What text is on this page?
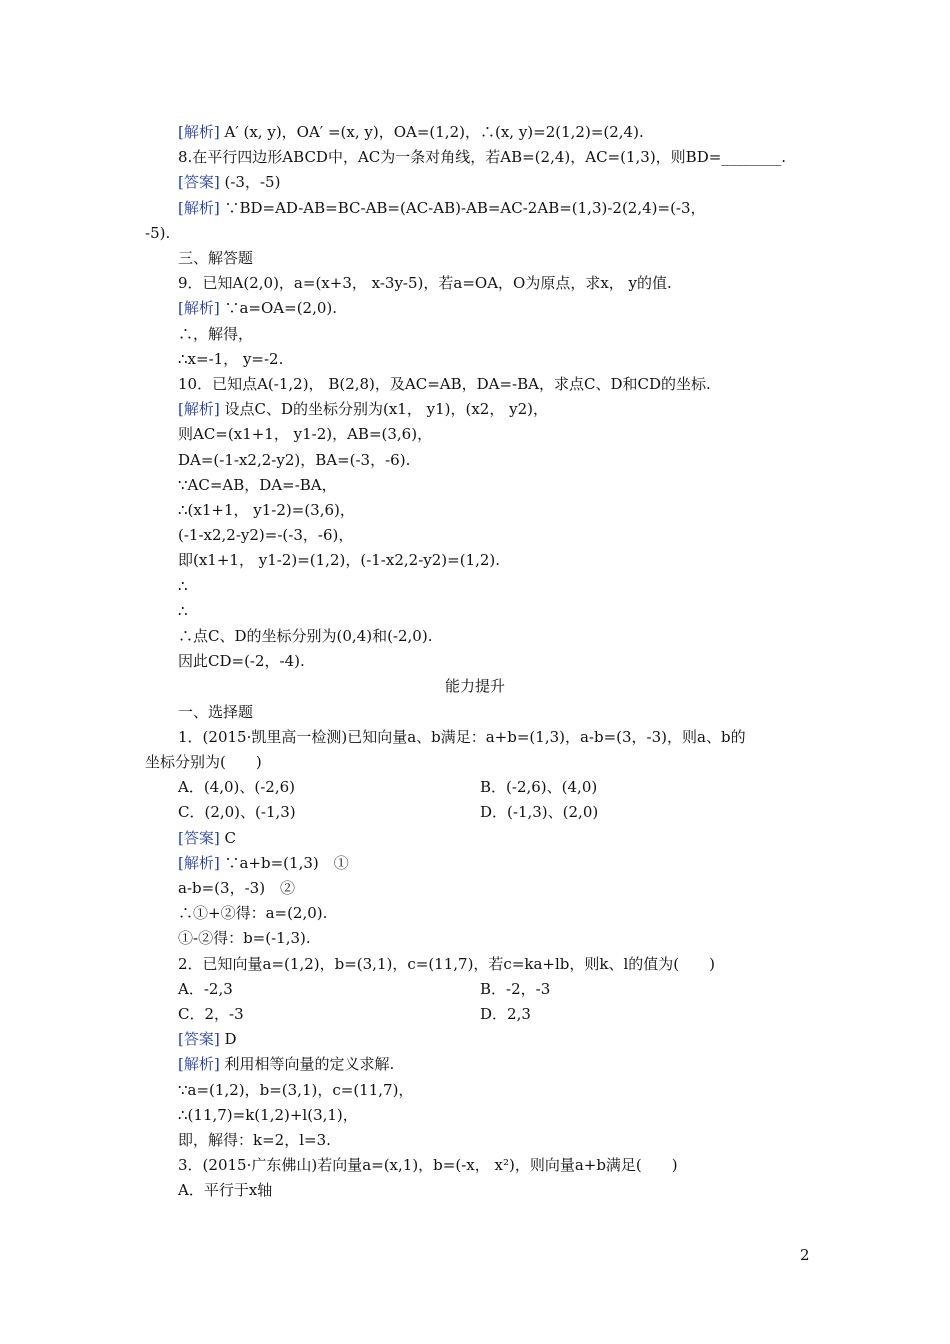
[解析] A′ (x, y)，OA′ =(x, y)，OA=(1,2)，∴(x, y)=2(1,2)=(2,4).
8.在平行四边形ABCD中，AC为一条对角线，若AB=(2,4)，AC=(1,3)，则BD=________.
[答案] (-3，-5)
[解析] ∵BD=AD-AB=BC-AB=(AC-AB)-AB=AC-2AB=(1,3)-2(2,4)=(-3，
-5).
三、解答题
9．已知A(2,0)，a=(x+3， x-3y-5)，若a=OA，O为原点，求x， y的值.
[解析] ∵a=OA=(2,0).
∴，解得，
∴x=-1， y=-2.
10．已知点A(-1,2)， B(2,8)，及AC=AB，DA=-BA，求点C、D和CD的坐标.
[解析] 设点C、D的坐标分别为(x1， y1)，(x2， y2)，
则AC=(x1+1， y1-2)，AB=(3,6)，
DA=(-1-x2,2-y2)，BA=(-3，-6).
∵AC=AB，DA=-BA，
∴(x1+1， y1-2)=(3,6)，
(-1-x2,2-y2)=-(-3，-6)，
即(x1+1， y1-2)=(1,2)，(-1-x2,2-y2)=(1,2).
∴
∴
∴点C、D的坐标分别为(0,4)和(-2,0).
因此CD=(-2，-4).
能力提升
一、选择题
1．(2015·凯里高一检测)已知向量a、b满足：a+b=(1,3)，a-b=(3，-3)，则a、b的
坐标分别为(　　)
A．(4,0)、(-2,6)	B．(-2,6)、(4,0)
C．(2,0)、(-1,3)	D．(-1,3)、(2,0)
[答案] C
[解析] ∵a+b=(1,3)　①
a-b=(3，-3)　②
∴①+②得：a=(2,0).
①-②得：b=(-1,3).
2．已知向量a=(1,2)，b=(3,1)，c=(11,7)，若c=ka+lb，则k、l的值为(　　)
A．-2,3	B．-2，-3
C．2，-3	D．2,3
[答案] D
[解析] 利用相等向量的定义求解.
∵a=(1,2)，b=(3,1)，c=(11,7)，
∴(11,7)=k(1,2)+l(3,1)，
即，解得：k=2，l=3.
3．(2015·广东佛山)若向量a=(x,1)，b=(-x， x²)，则向量a+b满足(　　)
A．平行于x轴
2
